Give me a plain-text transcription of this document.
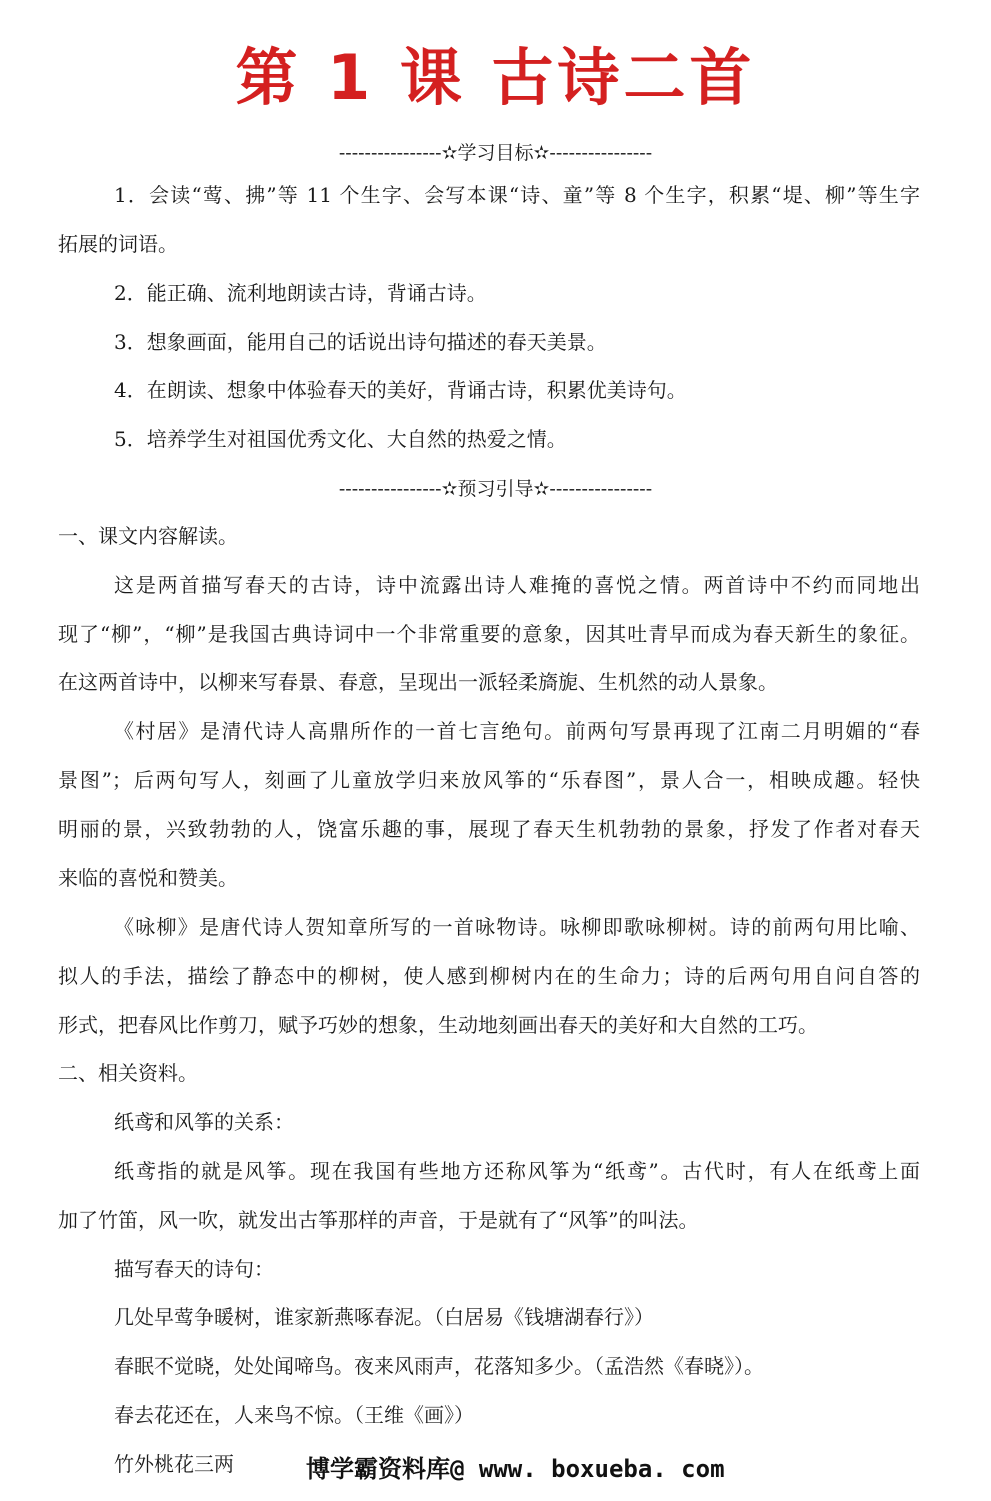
第 1 课 古诗二首
----------------✫学习目标✫----------------
1．会读“莺、拂”等 11 个生字、会写本课“诗、童”等 8 个生字，积累“堤、柳”等生字
拓展的词语。
2．能正确、流利地朗读古诗，背诵古诗。
3．想象画面，能用自己的话说出诗句描述的春天美景。
4．在朗读、想象中体验春天的美好，背诵古诗，积累优美诗句。
5．培养学生对祖国优秀文化、大自然的热爱之情。
----------------✫预习引导✫----------------
一、课文内容解读。
这是两首描写春天的古诗，诗中流露出诗人难掩的喜悦之情。两首诗中不约而同地出
现了“柳”，“柳”是我国古典诗词中一个非常重要的意象，因其吐青早而成为春天新生的象征。
在这两首诗中，以柳来写春景、春意，呈现出一派轻柔旖旎、生机然的动人景象。
《村居》是清代诗人高鼎所作的一首七言绝句。前两句写景再现了江南二月明媚的“春
景图”；后两句写人，刻画了儿童放学归来放风筝的“乐春图”，景人合一，相映成趣。轻快
明丽的景，兴致勃勃的人，饶富乐趣的事，展现了春天生机勃勃的景象，抒发了作者对春天
来临的喜悦和赞美。
《咏柳》是唐代诗人贺知章所写的一首咏物诗。咏柳即歌咏柳树。诗的前两句用比喻、
拟人的手法，描绘了静态中的柳树，使人感到柳树内在的生命力；诗的后两句用自问自答的
形式，把春风比作剪刀，赋予巧妙的想象，生动地刻画出春天的美好和大自然的工巧。
二、相关资料。
纸鸢和风筝的关系：
纸鸢指的就是风筝。现在我国有些地方还称风筝为“纸鸢”。古代时，有人在纸鸢上面
加了竹笛，风一吹，就发出古筝那样的声音，于是就有了“风筝”的叫法。
描写春天的诗句：
几处早莺争暖树，谁家新燕啄春泥。（白居易《钱塘湖春行》）
春眠不觉晓，处处闻啼鸟。夜来风雨声，花落知多少。（孟浩然《春晓》）。
春去花还在，人来鸟不惊。（王维《画》）
竹外桃花三两	博学霸资料库@ www. boxueba. com
